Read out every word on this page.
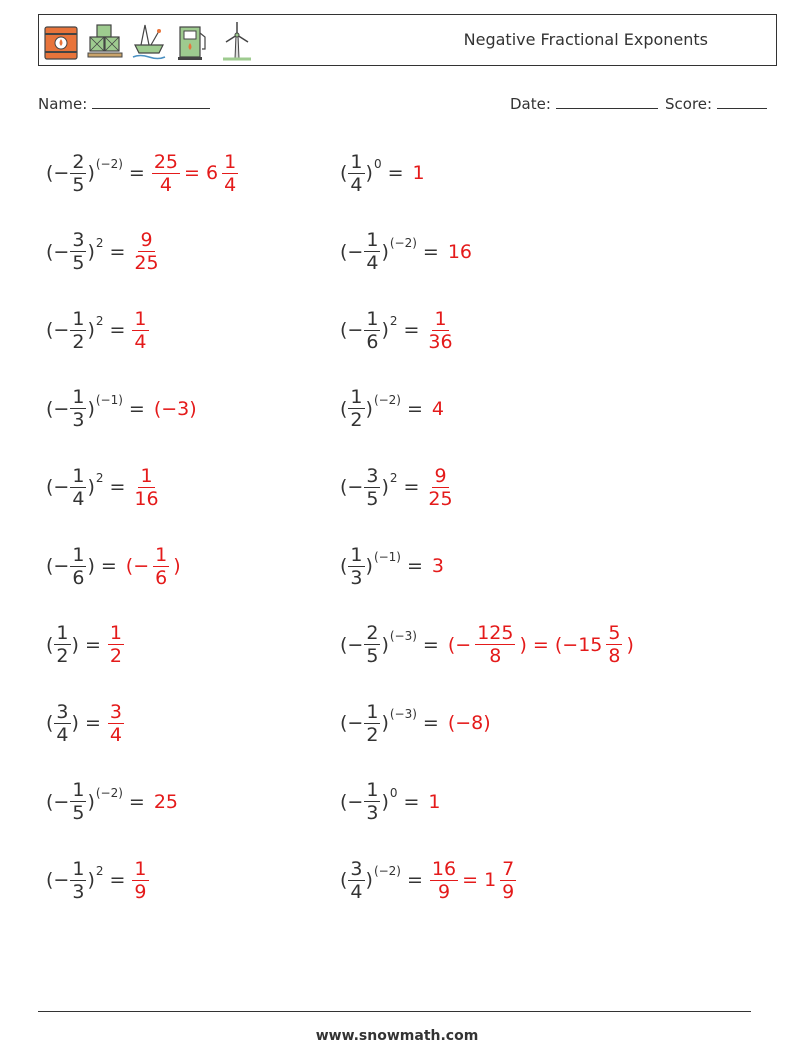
Negative Fractional Exponents
Name:	Date:	Score:
(− $\frac{2}{5}$ ) $(-2) = \frac{25}{4} = 6 \frac{1}{4}$	( $\frac{1}{4}$ ) 0 = 1
(− $\frac{3}{5}$ ) $2 = \frac{9}{25}$	(− $\frac{1}{4}$ ) (−2) = 16
(− $\frac{1}{2}$ ) $2 = \frac{1}{4}$	(− $\frac{1}{6}$ ) $2 = \frac{1}{36}$
(− $\frac{1}{3}$ ) (−1) = (−3)	( $\frac{1}{2}$ ) (−2) = 4
(− $\frac{1}{4}$ ) $2 = \frac{1}{16}$	(− $\frac{3}{5}$ ) $2 = \frac{9}{25}$
(− $\frac{1}{6}$ ) = (− $\frac{1}{6}$ )	( $\frac{1}{3}$ ) (−1) = 3
( $\frac{1}{2}$ ) = $\frac{1}{2}$	(− $\frac{2}{5}$ ) (−3) = (− $\frac{125}{8}$ ) = ($-15 \frac{5}{8}$ )
( $\frac{3}{4}$ ) = $\frac{3}{4}$	(− $\frac{1}{2}$ ) (−3) = (−8)
(− $\frac{1}{5}$ ) (−2) = 25	(− $\frac{1}{3}$ ) 0 = 1
(− $\frac{1}{3}$ ) $2 = \frac{1}{9}$	( $\frac{3}{4}$ ) $(-2) = \frac{16}{9} = 1 \frac{7}{9}$
www.snowmath.com
